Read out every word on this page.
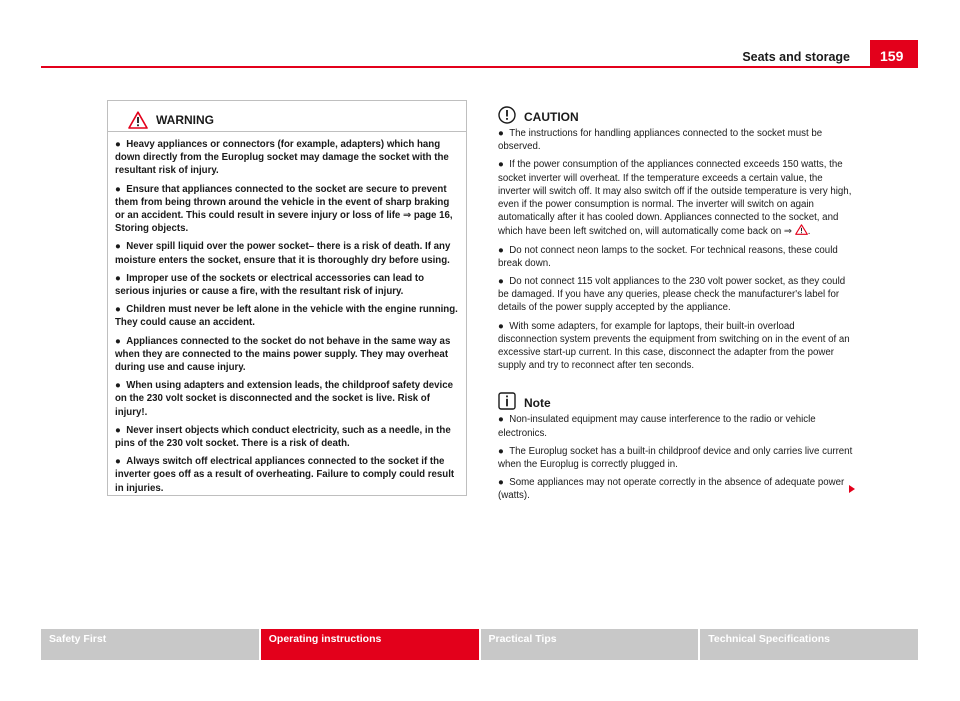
Seats and storage	159
WARNING

● Heavy appliances or connectors (for example, adapters) which hang down directly from the Europlug socket may damage the socket with the resultant risk of injury.

● Ensure that appliances connected to the socket are secure to prevent them from being thrown around the vehicle in the event of sharp braking or an accident. This could result in severe injury or loss of life ⇒ page 16, Storing objects.

● Never spill liquid over the power socket– there is a risk of death. If any moisture enters the socket, ensure that it is thoroughly dry before using.

● Improper use of the sockets or electrical accessories can lead to serious injuries or cause a fire, with the resultant risk of injury.

● Children must never be left alone in the vehicle with the engine running. They could cause an accident.

● Appliances connected to the socket do not behave in the same way as when they are connected to the mains power supply. They may overheat during use and cause injury.

● When using adapters and extension leads, the childproof safety device on the 230 volt socket is disconnected and the socket is live. Risk of injury!.

● Never insert objects which conduct electricity, such as a needle, in the pins of the 230 volt socket. There is a risk of death.

● Always switch off electrical appliances connected to the socket if the inverter goes off as a result of overheating. Failure to comply could result in injuries.

CAUTION

● The instructions for handling appliances connected to the socket must be observed.

● If the power consumption of the appliances connected exceeds 150 watts, the socket inverter will overheat. If the temperature exceeds a certain value, the inverter will switch off. It may also switch off if the outside temperature is very high, even if the power consumption is normal. The inverter will switch on again automatically after it has cooled down. Appliances connected to the socket, and which have been left switched on, will automatically come back on ⇒ .

● Do not connect neon lamps to the socket. For technical reasons, these could break down.

● Do not connect 115 volt appliances to the 230 volt power socket, as they could be damaged. If you have any queries, please check the manufacturer's label for details of the power supply accepted by the appliance.

● With some adapters, for example for laptops, their built-in overload disconnection system prevents the equipment from switching on in the event of an excessive start-up current. In this case, disconnect the adapter from the power supply and try to reconnect after ten seconds.

Note

● Non-insulated equipment may cause interference to the radio or vehicle electronics.

● The Europlug socket has a built-in childproof device and only carries live current when the Europlug is correctly plugged in.

● Some appliances may not operate correctly in the absence of adequate power (watts).

Safety First	Operating instructions	Practical Tips	Technical Specifications
